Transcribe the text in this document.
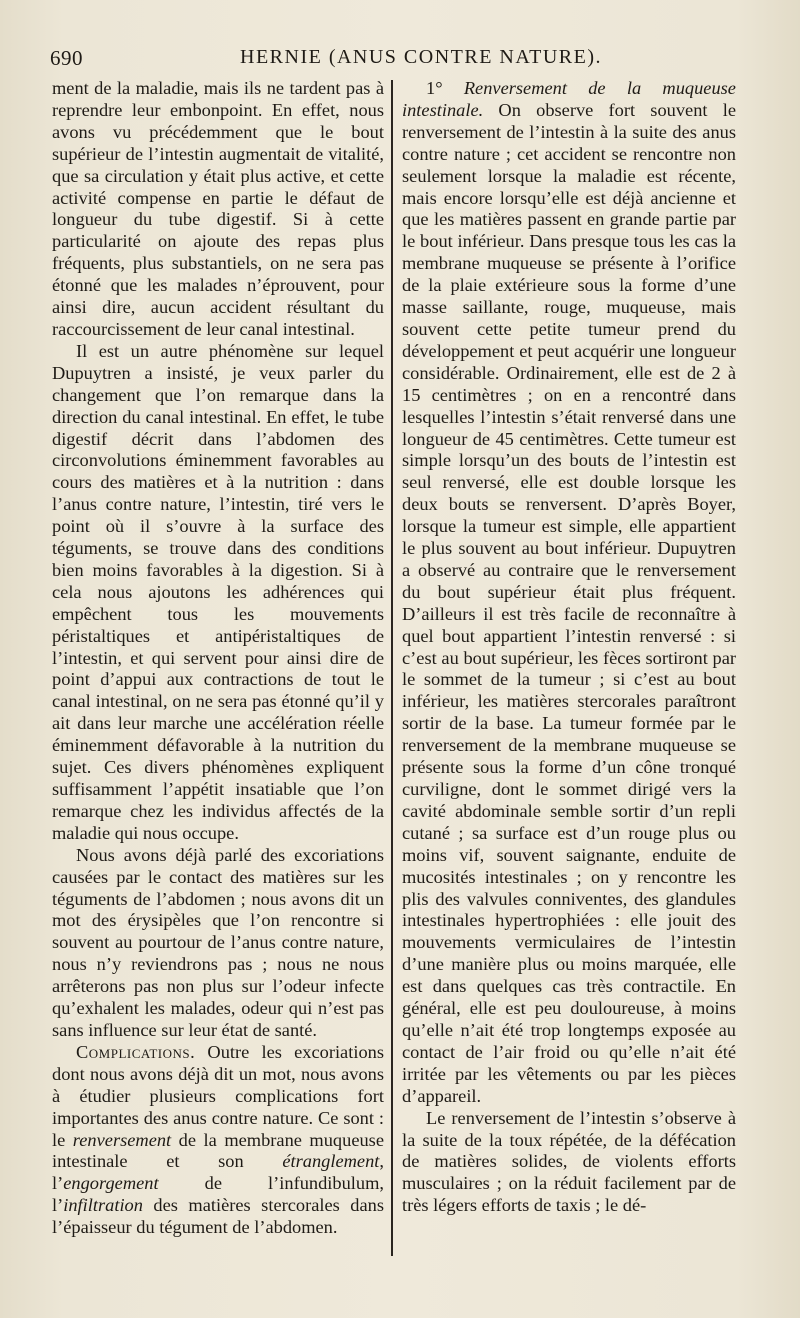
690	HERNIE (ANUS CONTRE NATURE).

ment de la maladie, mais ils ne tardent pas à reprendre leur embonpoint. En effet, nous avons vu précédemment que le bout supérieur de l’intestin augmentait de vitalité, que sa circulation y était plus active, et cette activité compense en partie le défaut de longueur du tube digestif. Si à cette particularité on ajoute des repas plus fréquents, plus substantiels, on ne sera pas étonné que les malades n’éprouvent, pour ainsi dire, aucun accident résultant du raccourcissement de leur canal intestinal.

Il est un autre phénomène sur lequel Dupuytren a insisté, je veux parler du changement que l’on remarque dans la direction du canal intestinal. En effet, le tube digestif décrit dans l’abdomen des circonvolutions éminemment favorables au cours des matières et à la nutrition : dans l’anus contre nature, l’intestin, tiré vers le point où il s’ouvre à la surface des téguments, se trouve dans des conditions bien moins favorables à la digestion. Si à cela nous ajoutons les adhérences qui empêchent tous les mouvements péristaltiques et antipéristaltiques de l’intestin, et qui servent pour ainsi dire de point d’appui aux contractions de tout le canal intestinal, on ne sera pas étonné qu’il y ait dans leur marche une accélération réelle éminemment défavorable à la nutrition du sujet. Ces divers phénomènes expliquent suffisamment l’appétit insatiable que l’on remarque chez les individus affectés de la maladie qui nous occupe.

Nous avons déjà parlé des excoriations causées par le contact des matières sur les téguments de l’abdomen ; nous avons dit un mot des érysipèles que l’on rencontre si souvent au pourtour de l’anus contre nature, nous n’y reviendrons pas ; nous ne nous arrêterons pas non plus sur l’odeur infecte qu’exhalent les malades, odeur qui n’est pas sans influence sur leur état de santé.

Complications. Outre les excoriations dont nous avons déjà dit un mot, nous avons à étudier plusieurs complications fort importantes des anus contre nature. Ce sont : le renversement de la membrane muqueuse intestinale et son étranglement, l’engorgement de l’infundibulum, l’infiltration des matières stercorales dans l’épaisseur du tégument de l’abdomen.

1° Renversement de la muqueuse intestinale. On observe fort souvent le renversement de l’intestin à la suite des anus contre nature ; cet accident se rencontre non seulement lorsque la maladie est récente, mais encore lorsqu’elle est déjà ancienne et que les matières passent en grande partie par le bout inférieur. Dans presque tous les cas la membrane muqueuse se présente à l’orifice de la plaie extérieure sous la forme d’une masse saillante, rouge, muqueuse, mais souvent cette petite tumeur prend du développement et peut acquérir une longueur considérable. Ordinairement, elle est de 2 à 15 centimètres ; on en a rencontré dans lesquelles l’intestin s’était renversé dans une longueur de 45 centimètres. Cette tumeur est simple lorsqu’un des bouts de l’intestin est seul renversé, elle est double lorsque les deux bouts se renversent. D’après Boyer, lorsque la tumeur est simple, elle appartient le plus souvent au bout inférieur. Dupuytren a observé au contraire que le renversement du bout supérieur était plus fréquent. D’ailleurs il est très facile de reconnaître à quel bout appartient l’intestin renversé : si c’est au bout supérieur, les fèces sortiront par le sommet de la tumeur ; si c’est au bout inférieur, les matières stercorales paraîtront sortir de la base. La tumeur formée par le renversement de la membrane muqueuse se présente sous la forme d’un cône tronqué curviligne, dont le sommet dirigé vers la cavité abdominale semble sortir d’un repli cutané ; sa surface est d’un rouge plus ou moins vif, souvent saignante, enduite de mucosités intestinales ; on y rencontre les plis des valvules conniventes, des glandules intestinales hypertrophiées : elle jouit des mouvements vermiculaires de l’intestin d’une manière plus ou moins marquée, elle est dans quelques cas très contractile. En général, elle est peu douloureuse, à moins qu’elle n’ait été trop longtemps exposée au contact de l’air froid ou qu’elle n’ait été irritée par les vêtements ou par les pièces d’appareil.

Le renversement de l’intestin s’observe à la suite de la toux répétée, de la défécation de matières solides, de violents efforts musculaires ; on la réduit facilement par de très légers efforts de taxis ; le dé-
